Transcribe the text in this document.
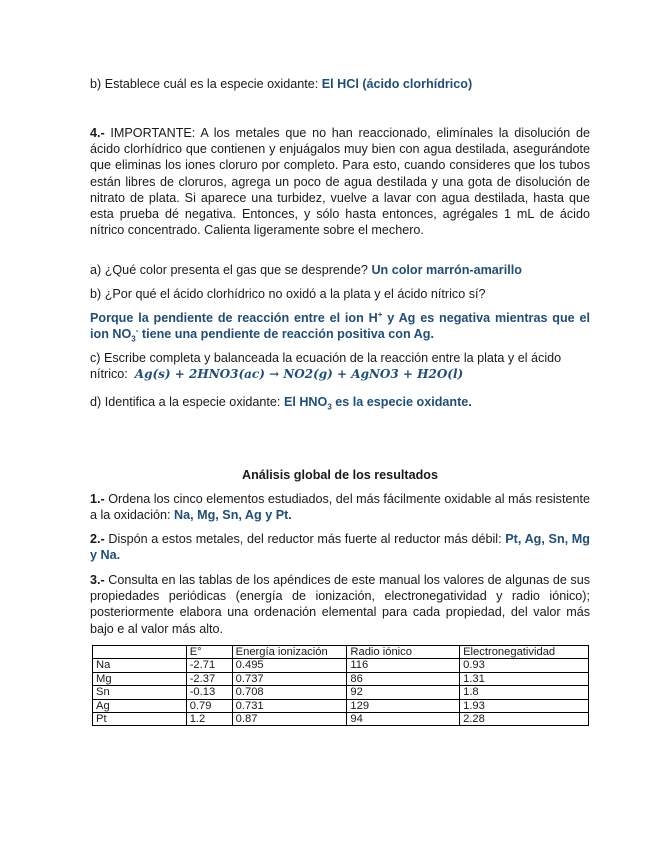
b) Establece cuál es la especie oxidante: El HCl (ácido clorhídrico)

4.- IMPORTANTE: A los metales que no han reaccionado, elimínales la disolución de ácido clorhídrico que contienen y enjuágalos muy bien con agua destilada, asegurándote que eliminas los iones cloruro por completo. Para esto, cuando consideres que los tubos están libres de cloruros, agrega un poco de agua destilada y una gota de disolución de nitrato de plata. Si aparece una turbidez, vuelve a lavar con agua destilada, hasta que esta prueba dé negativa. Entonces, y sólo hasta entonces, agrégales 1 mL de ácido nítrico concentrado. Calienta ligeramente sobre el mechero.

a) ¿Qué color presenta el gas que se desprende? Un color marrón-amarillo

b) ¿Por qué el ácido clorhídrico no oxidó a la plata y el ácido nítrico sí?

Porque la pendiente de reacción entre el ion H+ y Ag es negativa mientras que el ion $NO_3^-$ tiene una pendiente de reacción positiva con Ag.

c) Escribe completa y balanceada la ecuación de la reacción entre la plata y el ácido nítrico: Ag(s) + 2HNO3(ac) → NO2(g) + AgNO3 + H2O(l)

d) Identifica a la especie oxidante: El $HNO_3$ es la especie oxidante.

Análisis global de los resultados

1.- Ordena los cinco elementos estudiados, del más fácilmente oxidable al más resistente a la oxidación: Na, Mg, Sn, Ag y Pt.

2.- Dispón a estos metales, del reductor más fuerte al reductor más débil: Pt, Ag, Sn, Mg y Na.

3.- Consulta en las tablas de los apéndices de este manual los valores de algunas de sus propiedades periódicas (energía de ionización, electronegatividad y radio iónico); posteriormente elabora una ordenación elemental para cada propiedad, del valor más bajo e al valor más alto.

	E°	Energía ionización	Radio iónico	Electronegatividad
Na	-2.71	0.495	116	0.93
Mg	-2.37	0.737	86	1.31
Sn	-0.13	0.708	92	1.8
Ag	0.79	0.731	129	1.93
Pt	1.2	0.87	94	2.28
